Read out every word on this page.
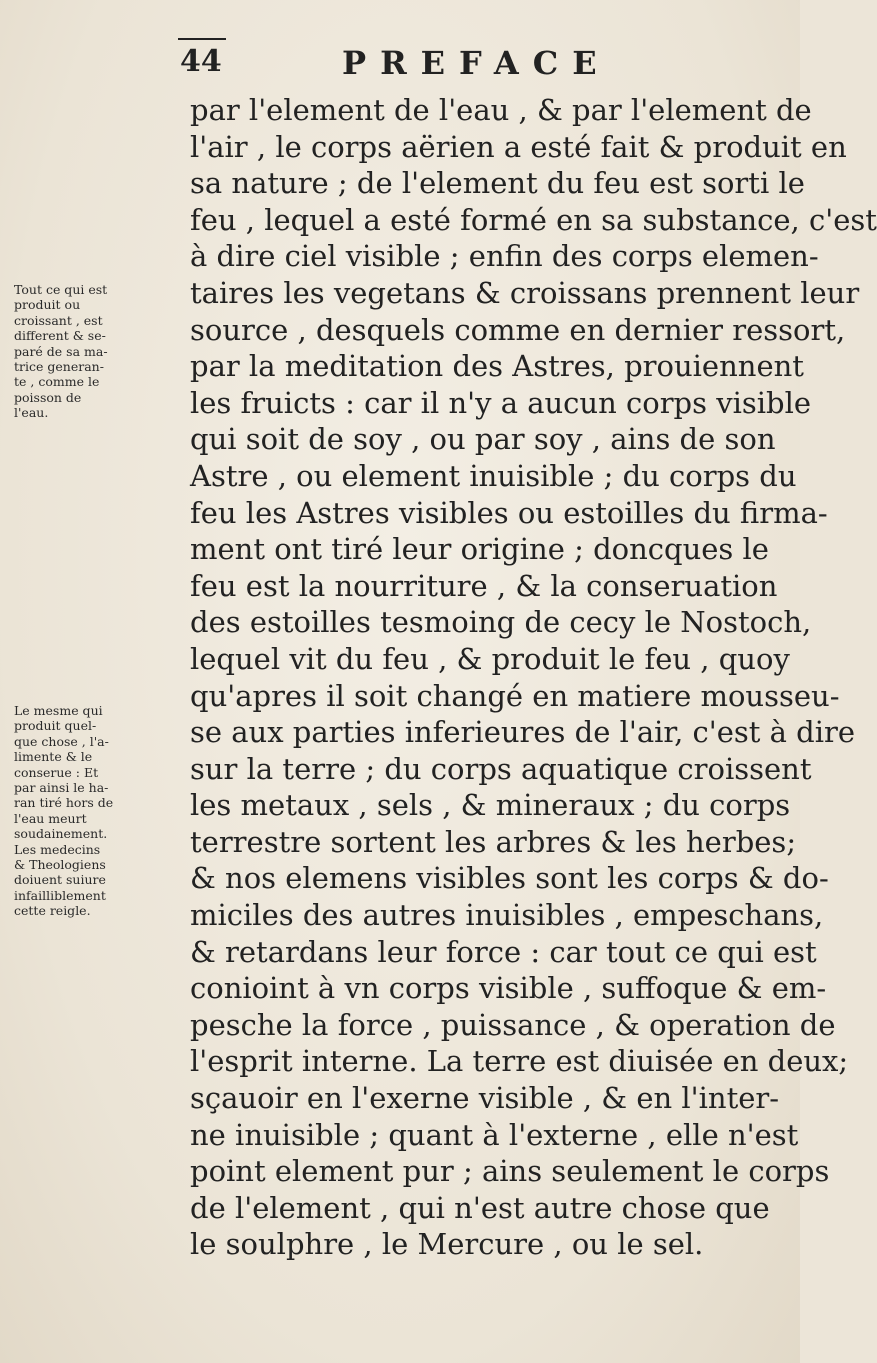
44	PREFACE
par l'element de l'eau , & par l'element de
l'air , le corps aërien a esté fait & produit en
sa nature ; de l'element du feu est sorti le
feu , lequel a esté formé en sa substance, c'est
à dire ciel visible ; enfin des corps elemen-
taires les vegetans & croissans prennent leur
source , desquels comme en dernier ressort,
par la meditation des Astres, prouiennent
les fruicts : car il n'y a aucun corps visible
qui soit de soy , ou par soy , ains de son
Astre , ou element inuisible ; du corps du
feu les Astres visibles ou estoilles du firma-
ment ont tiré leur origine ; doncques le
feu est la nourriture , & la conseruation
des estoilles tesmoing de cecy le Nostoch,
lequel vit du feu , & produit le feu , quoy
qu'apres il soit changé en matiere mousseu-
se aux parties inferieures de l'air, c'est à dire
sur la terre ; du corps aquatique croissent
les metaux , sels , & mineraux ; du corps
terrestre sortent les arbres & les herbes;
& nos elemens visibles sont les corps & do-
miciles des autres inuisibles , empeschans,
& retardans leur force : car tout ce qui est
conioint à vn corps visible , suffoque & em-
pesche la force , puissance , & operation de
l'esprit interne. La terre est diuisée en deux;
sçauoir en l'exerne visible , & en l'inter-
ne inuisible ; quant à l'externe , elle n'est
point element pur ; ains seulement le corps
de l'element , qui n'est autre chose que
le soulphre , le Mercure , ou le sel.
Tout ce qui est
produit ou
croissant , est
different & se-
paré de sa ma-
trice generan-
te , comme le
poisson de
l'eau.
Le mesme qui
produit quel-
que chose , l'a-
limente & le
conserue : Et
par ainsi le ha-
ran tiré hors de
l'eau meurt
soudainement.
Les medecins
& Theologiens
doiuent suiure
infailliblement
cette reigle.
